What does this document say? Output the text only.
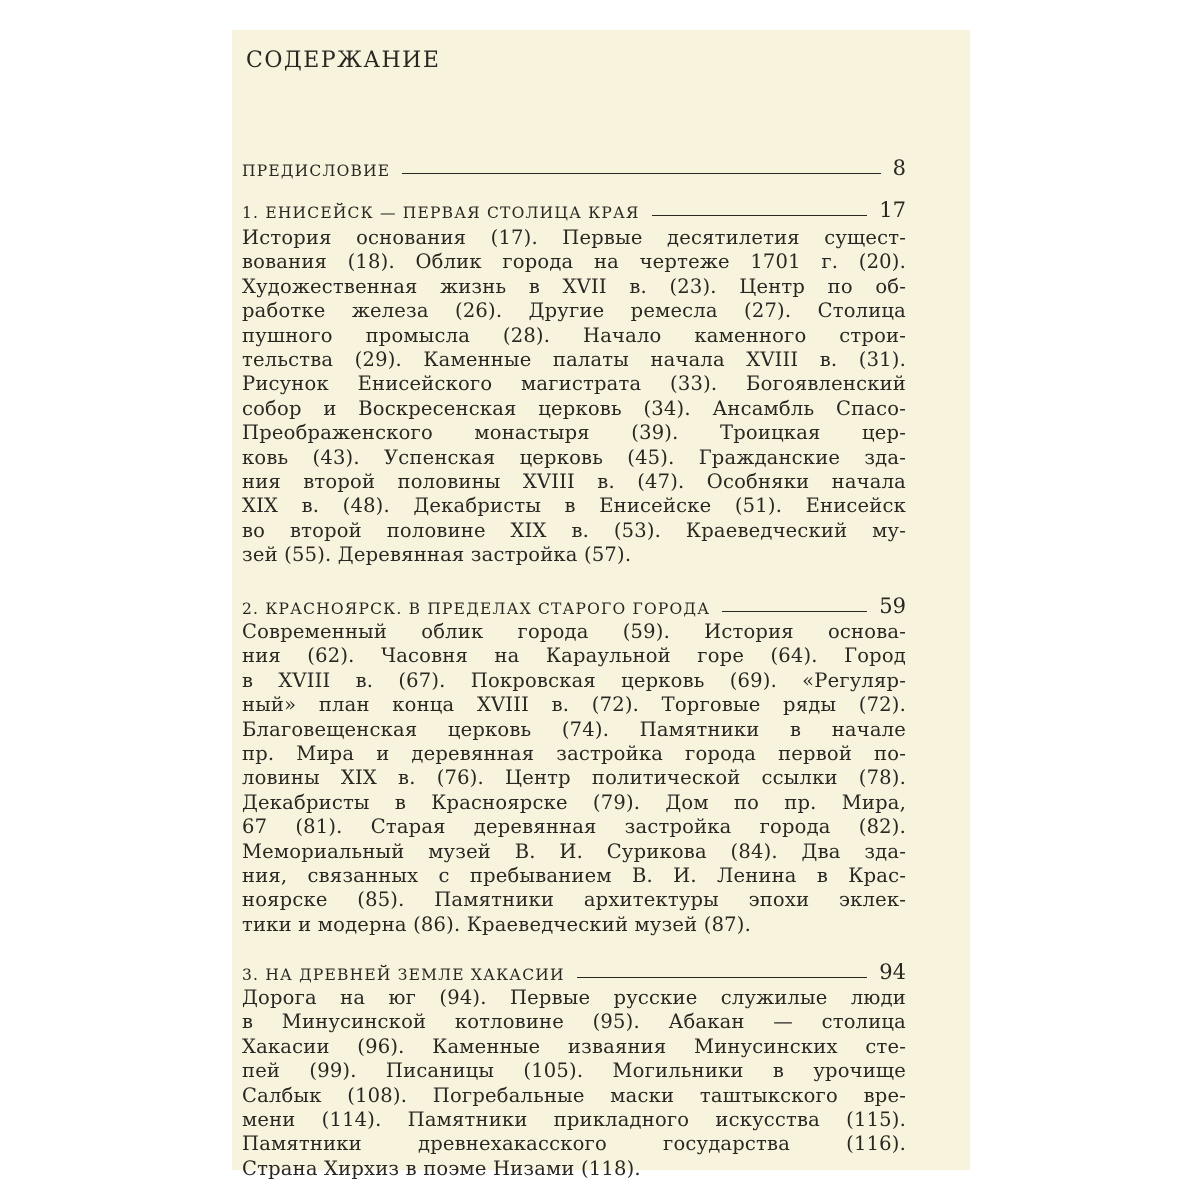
СОДЕРЖАНИЕ
ПРЕДИСЛОВИЕ	8
1. ЕНИСЕЙСК — ПЕРВАЯ СТОЛИЦА КРАЯ	17
История основания (17). Первые десятилетия сущест-
вования (18). Облик города на чертеже 1701 г. (20).
Художественная жизнь в XVII в. (23). Центр по об-
работке железа (26). Другие ремесла (27). Столица
пушного промысла (28). Начало каменного строи-
тельства (29). Каменные палаты начала XVIII в. (31).
Рисунок Енисейского магистрата (33). Богоявленский
собор и Воскресенская церковь (34). Ансамбль Спасо-
Преображенского монастыря (39). Троицкая цер-
ковь (43). Успенская церковь (45). Гражданские зда-
ния второй половины XVIII в. (47). Особняки начала
XIX в. (48). Декабристы в Енисейске (51). Енисейск
во второй половине XIX в. (53). Краеведческий му-
зей (55). Деревянная застройка (57).
2. КРАСНОЯРСК. В ПРЕДЕЛАХ СТАРОГО ГОРОДА	59
Современный облик города (59). История основа-
ния (62). Часовня на Караульной горе (64). Город
в XVIII в. (67). Покровская церковь (69). «Регуляр-
ный» план конца XVIII в. (72). Торговые ряды (72).
Благовещенская церковь (74). Памятники в начале
пр. Мира и деревянная застройка города первой по-
ловины XIX в. (76). Центр политической ссылки (78).
Декабристы в Красноярске (79). Дом по пр. Мира,
67 (81). Старая деревянная застройка города (82).
Мемориальный музей В. И. Сурикова (84). Два зда-
ния, связанных с пребыванием В. И. Ленина в Крас-
ноярске (85). Памятники архитектуры эпохи эклек-
тики и модерна (86). Краеведческий музей (87).
3. НА ДРЕВНЕЙ ЗЕМЛЕ ХАКАСИИ	94
Дорога на юг (94). Первые русские служилые люди
в Минусинской котловине (95). Абакан — столица
Хакасии (96). Каменные изваяния Минусинских сте-
пей (99). Писаницы (105). Могильники в урочище
Салбык (108). Погребальные маски таштыкского вре-
мени (114). Памятники прикладного искусства (115).
Памятники древнехакасского государства (116).
Страна Хирхиз в поэме Низами (118).
